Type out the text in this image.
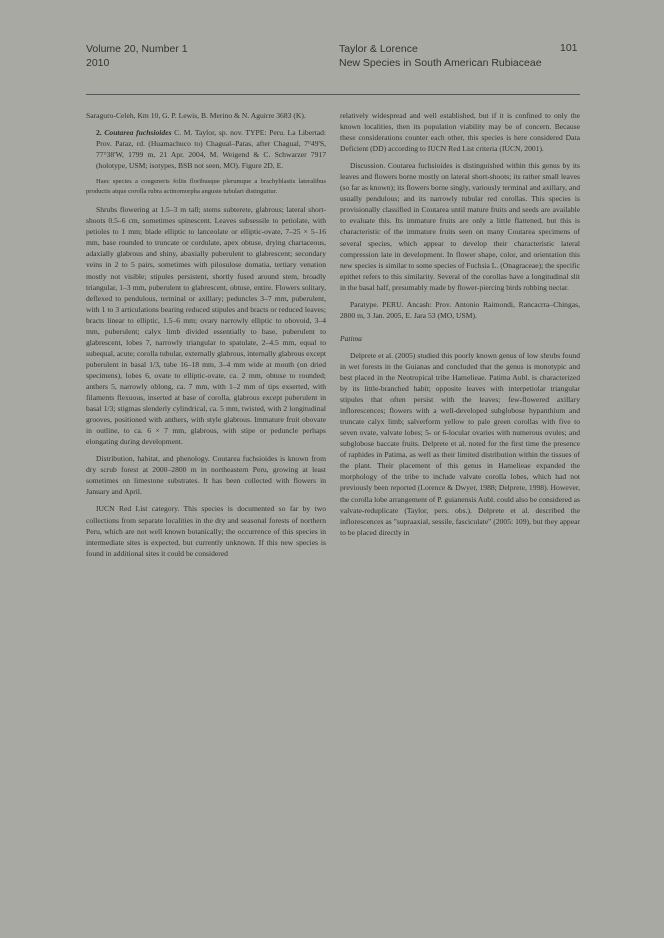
Volume 20, Number 1
2010
Taylor & Lorence
New Species in South American Rubiaceae
101

Saraguro-Celeh, Km 10, G. P. Lewis, B. Merino & N. Aguirre 3683 (K).

2. Coutarea fuchsioides C. M. Taylor, sp. nov. TYPE: Peru. La Libertad: Prov. Pataz, rd. (Huamachuco to) Chagual–Patas, after Chagual, 7°49'S, 77°38'W, 1799 m, 21 Apr. 2004, M. Weigend & C. Schwarzer 7917 (holotype, USM; isotypes, BSB not seen, MO). Figure 2D, E.

Haec species a congeneris foliis floribusque plerumque a brachyblastis lateralibus productis atque corolla rubra actinomorpha anguste tubulari distinguitur.

Shrubs flowering at 1.5–3 m tall; stems subterete, glabrous; lateral short-shoots 0.5–6 cm, sometimes spinescent. Leaves subsessile to petiolate, with petioles to 1 mm; blade elliptic to lanceolate or elliptic-ovate, 7–25 × 5–16 mm, base rounded to truncate or cordulate, apex obtuse, drying chartaceous, adaxially glabrous and shiny, abaxially puberulent to glabrescent; secondary veins in 2 to 5 pairs, sometimes with pilosulose domatia, tertiary venation mostly not visible; stipules persistent, shortly fused around stem, broadly triangular, 1–3 mm, puberulent to glabrescent, obtuse, entire. Flowers solitary, deflexed to pendulous, terminal or axillary; peduncles 3–7 mm, puberulent, with 1 to 3 articulations bearing reduced stipules and bracts or reduced leaves; bracts linear to elliptic, 1.5–6 mm; ovary narrowly elliptic to obovoid, 3–4 mm, puberulent; calyx limb divided essentially to base, puberulent to glabrescent, lobes 7, narrowly triangular to spatulate, 2–4.5 mm, equal to subequal, acute; corolla tubular, externally glabrous, internally glabrous except puberulent in basal 1/3, tube 16–18 mm, 3–4 mm wide at mouth (on dried specimens), lobes 6, ovate to elliptic-ovate, ca. 2 mm, obtuse to rounded; anthers 5, narrowly oblong, ca. 7 mm, with 1–2 mm of tips exserted, with filaments flexuous, inserted at base of corolla, glabrous except puberulent in basal 1/3; stigmas slenderly cylindrical, ca. 5 mm, twisted, with 2 longitudinal grooves, positioned with anthers, with style glabrous. Immature fruit obovate in outline, to ca. 6 × 7 mm, glabrous, with stipe or peduncle perhaps elongating during development.

Distribution, habitat, and phenology. Coutarea fuchsioides is known from dry scrub forest at 2000–2800 m in northeastern Peru, growing at least sometimes on limestone substrates. It has been collected with flowers in January and April.

IUCN Red List category. This species is documented so far by two collections from separate localities in the dry and seasonal forests of northern Peru, which are not well known botanically; the occurrence of this species in intermediate sites is expected, but currently unknown. If this new species is found in additional sites it could be considered

relatively widespread and well established, but if it is confined to only the known localities, then its population viability may be of concern. Because these considerations counter each other, this species is here considered Data Deficient (DD) according to IUCN Red List criteria (IUCN, 2001).

Discussion. Coutarea fuchsioides is distinguished within this genus by its leaves and flowers borne mostly on lateral short-shoots; its rather small leaves (so far as known); its flowers borne singly, variously terminal and axillary, and usually pendulous; and its narrowly tubular red corollas. This species is provisionally classified in Coutarea until mature fruits and seeds are available to evaluate this. Its immature fruits are only a little flattened, but this is characteristic of the immature fruits seen on many Coutarea specimens of several species, which appear to develop their characteristic lateral compression late in development. In flower shape, color, and orientation this new species is similar to some species of Fuchsia L. (Onagraceae); the specific epithet refers to this similarity. Several of the corollas have a longitudinal slit in the basal half, presumably made by flower-piercing birds robbing nectar.

Paratype. PERU. Ancash: Prov. Antonio Raimondi, Rancacrra–Chingas, 2800 m, 3 Jan. 2005, E. Jara 53 (MO, USM).

Patima

Delprete et al. (2005) studied this poorly known genus of low shrubs found in wet forests in the Guianas and concluded that the genus is monotypic and best placed in the Neotropical tribe Hamelieae. Patima Aubl. is characterized by its little-branched habit; opposite leaves with interpetiolar triangular stipules that often persist with the leaves; few-flowered axillary inflorescences; flowers with a well-developed subglobose hypanthium and truncate calyx limb; salverform yellow to pale green corollas with five to seven ovate, valvate lobes; 5- or 6-locular ovaries with numerous ovules; and subglobose baccate fruits. Delprete et al. noted for the first time the presence of raphides in Patima, as well as their limited distribution within the tissues of the plant. Their placement of this genus in Hamelieae expanded the morphology of the tribe to include valvate corolla lobes, which had not previously been reported (Lorence & Dwyer, 1988; Delprete, 1998). However, the corolla lobe arrangement of P. guianensis Aubl. could also be considered as valvate-reduplicate (Taylor, pers. obs.). Delprete et al. described the inflorescences as "supraaxial, sessile, fasciculate" (2005: 109), but they appear to be placed directly in
